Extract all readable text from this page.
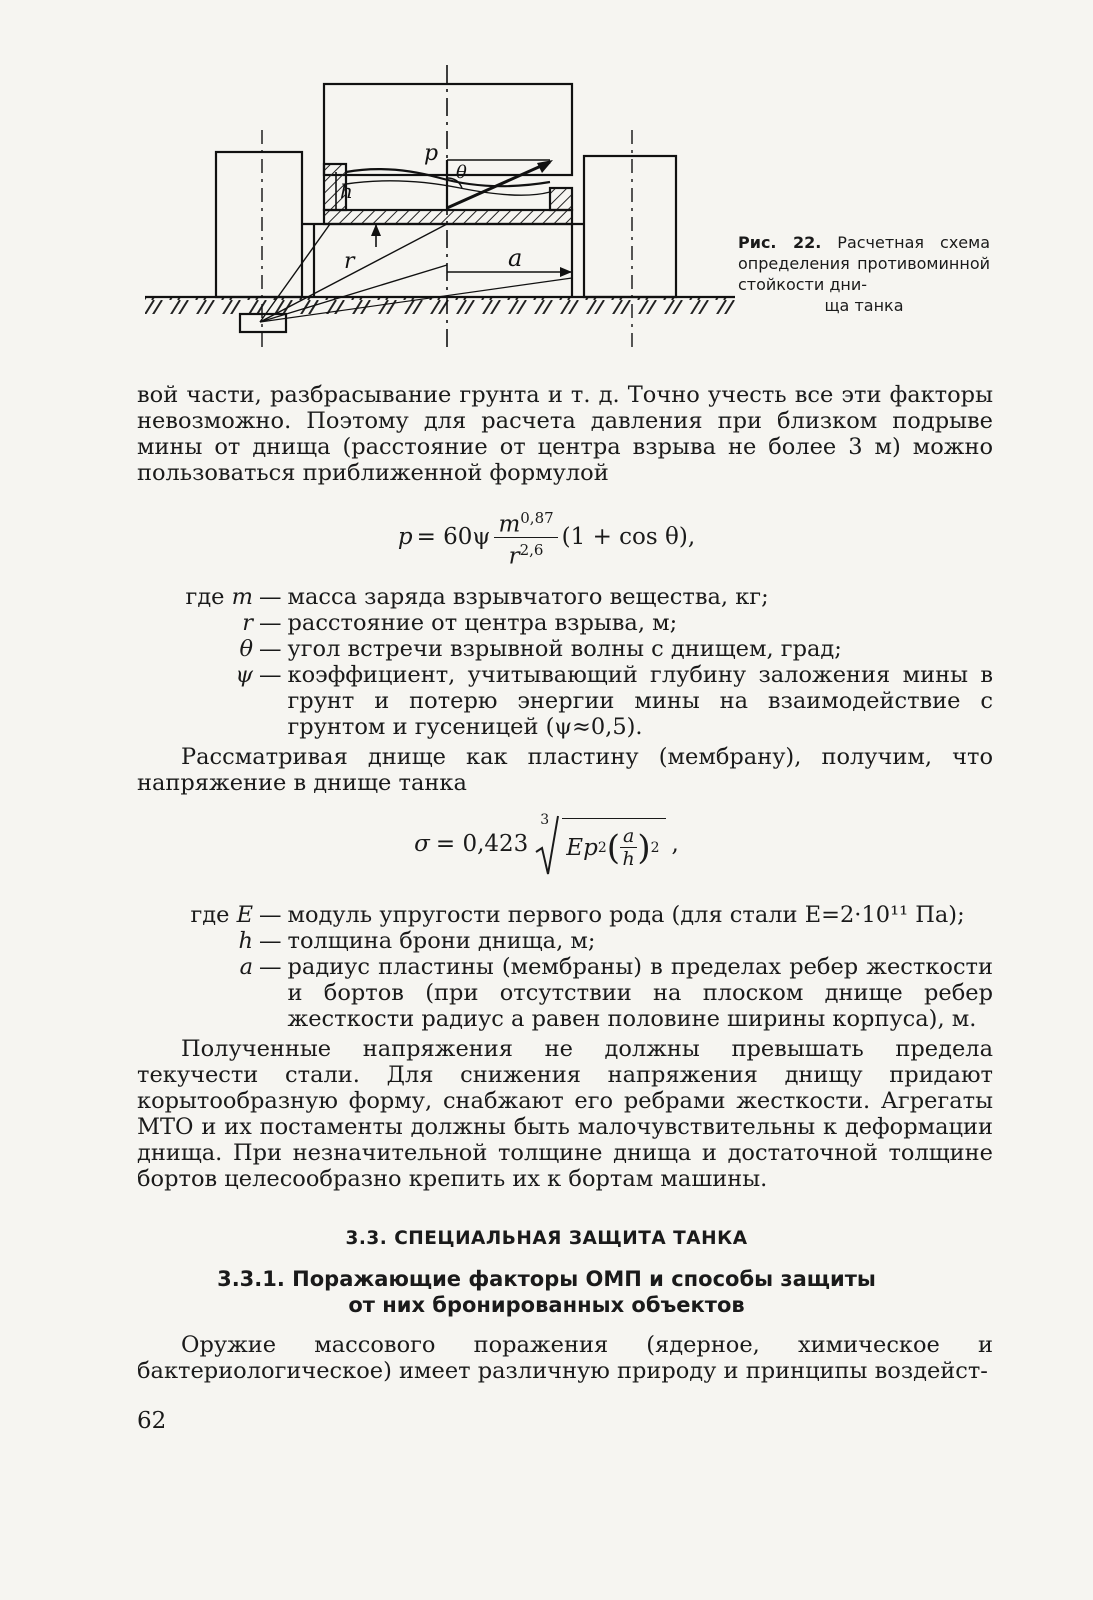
p
θ
h
r	a
Рис. 22. Расчетная схема определения противоминной стойкости дни-
ща танка
вой части, разбрасывание грунта и т. д. Точно учесть все эти факторы невозможно. Поэтому для расчета давления при близком подрыве мины от днища (расстояние от центра взрыва не более 3 м) можно пользоваться приближенной формулой
p = 60ψ $m^{0,87}$
$r^{2,6}$ (1 + cos θ),
где m — масса заряда взрывчатого вещества, кг;
r — расстояние от центра взрыва, м;
θ — угол встречи взрывной волны с днищем, град;
ψ — коэффициент, учитывающий глубину заложения мины в грунт и потерю энергии мины на взаимодействие с грунтом и гусеницей (ψ≈0,5).
Рассматривая днище как пластину (мембрану), получим, что напряжение в днище танка
σ = 0,423
3
Ep 2 ( $\frac{a}{h}$ ) 2 ,
где E — модуль упругости первого рода (для стали E=2·10¹¹ Па);
h — толщина брони днища, м;
a — радиус пластины (мембраны) в пределах ребер жесткости и бортов (при отсутствии на плоском днище ребер жесткости радиус a равен половине ширины корпуса), м.
Полученные напряжения не должны превышать предела текучести стали. Для снижения напряжения днищу придают корытообразную форму, снабжают его ребрами жесткости. Агрегаты МТО и их постаменты должны быть малочувствительны к деформации днища. При незначительной толщине днища и достаточной толщине бортов целесообразно крепить их к бортам машины.
3.3. СПЕЦИАЛЬНАЯ ЗАЩИТА ТАНКА
3.3.1. Поражающие факторы ОМП и способы защиты
от них бронированных объектов
Оружие массового поражения (ядерное, химическое и бактериологическое) имеет различную природу и принципы воздейст-
62
